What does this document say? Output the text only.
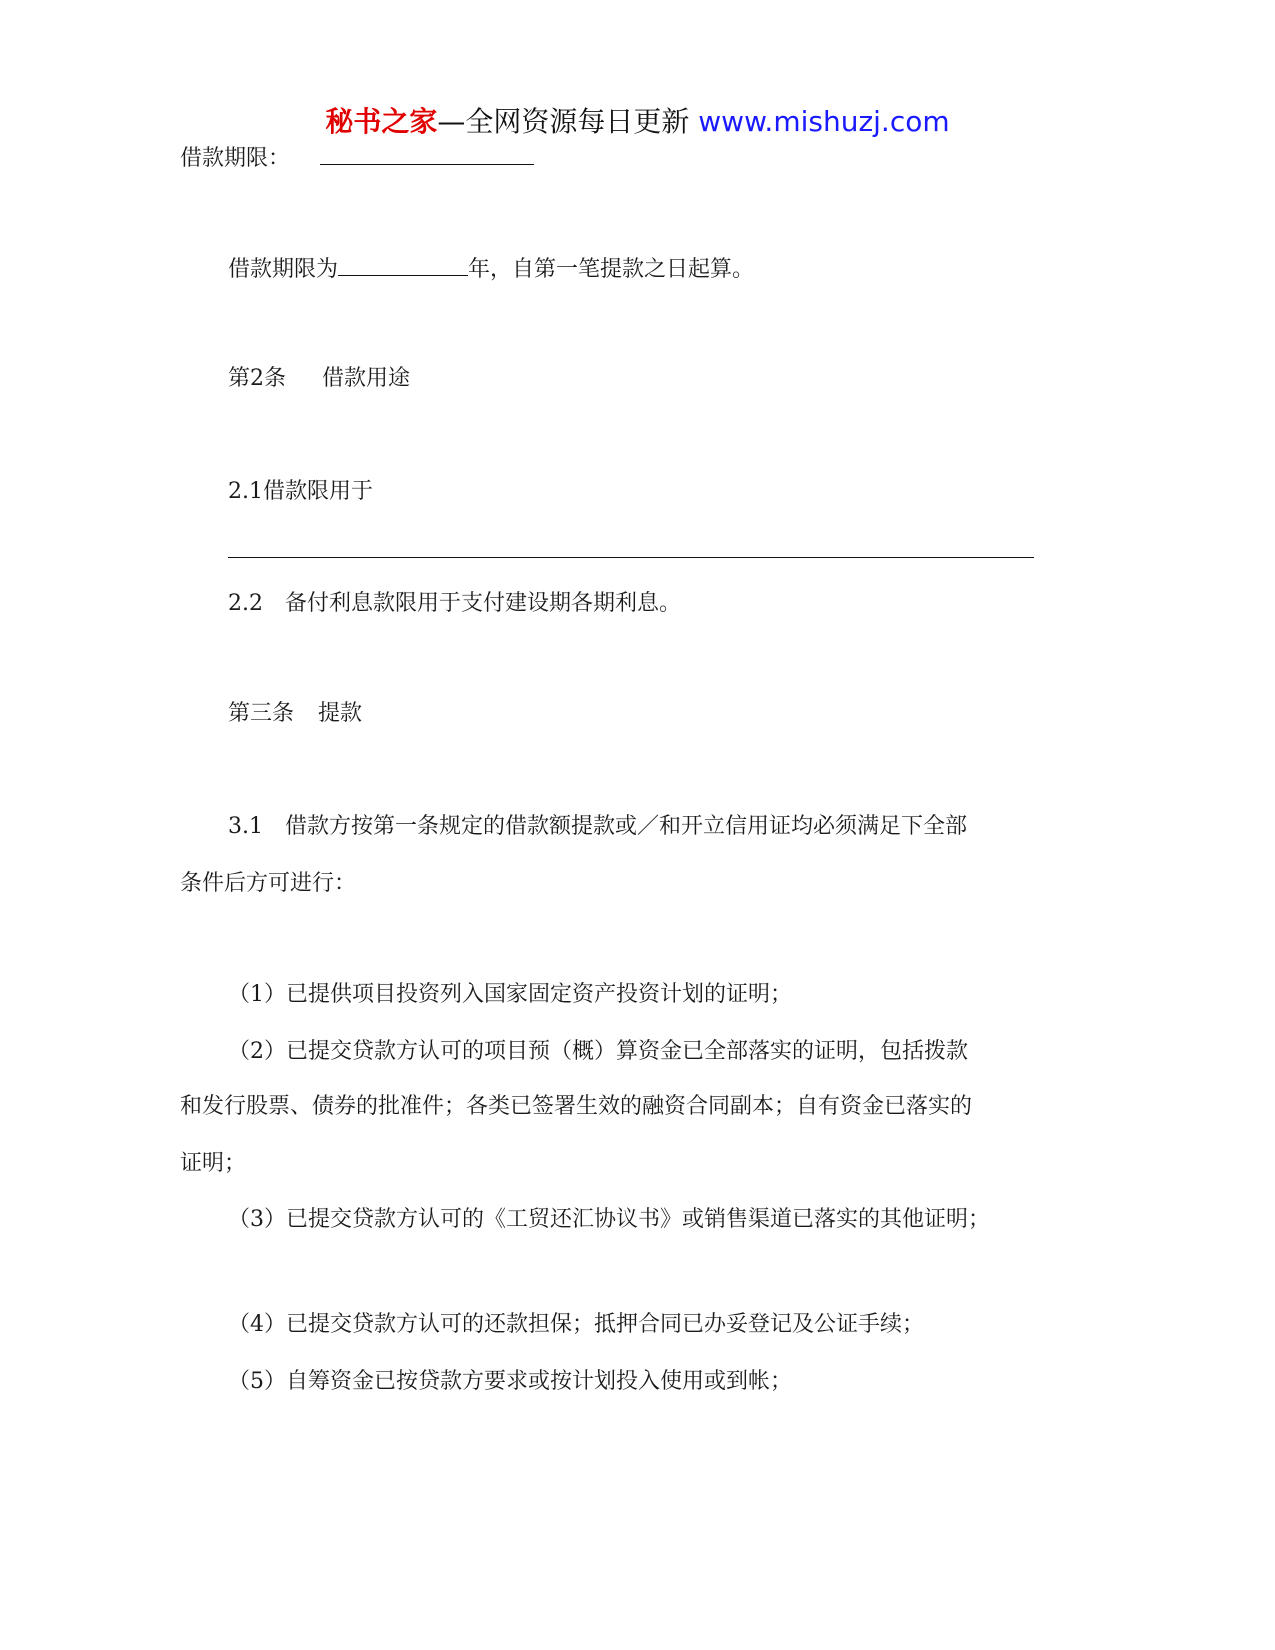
秘书之家—全网资源每日更新 www.mishuzj.com
借款期限：
借款期限为	年，自第一笔提款之日起算。
第2条 借款用途
2.1借款限用于
2.2 备付利息款限用于支付建设期各期利息。
第三条 提款
3.1 借款方按第一条规定的借款额提款或／和开立信用证均必须满足下全部
条件后方可进行：
（1）已提供项目投资列入国家固定资产投资计划的证明；
（2）已提交贷款方认可的项目预（概）算资金已全部落实的证明，包括拨款
和发行股票、债券的批准件；各类已签署生效的融资合同副本；自有资金已落实的
证明；
（3）已提交贷款方认可的《工贸还汇协议书》或销售渠道已落实的其他证明；
（4）已提交贷款方认可的还款担保；抵押合同已办妥登记及公证手续；
（5）自筹资金已按贷款方要求或按计划投入使用或到帐；
